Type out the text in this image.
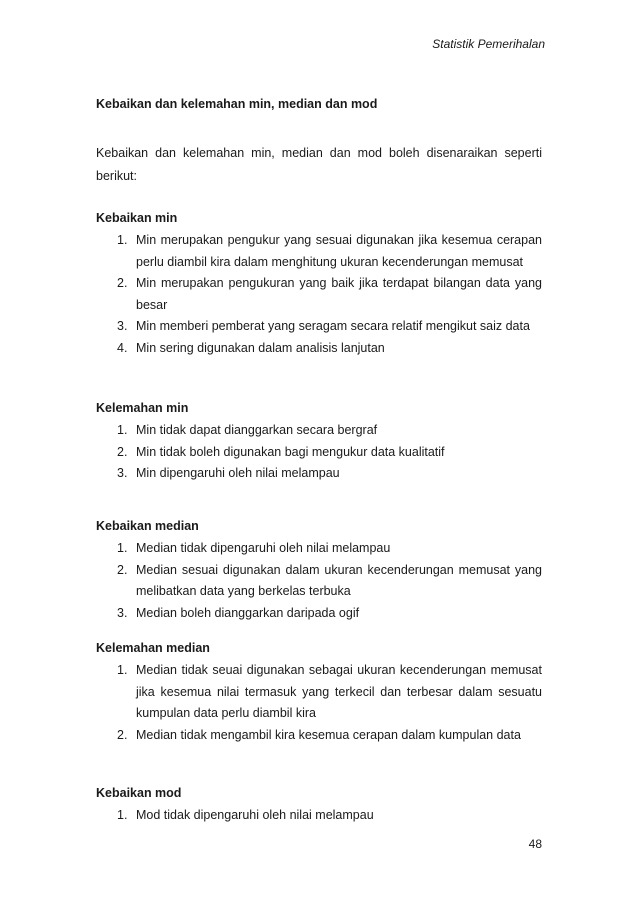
Statistik Pemerihalan
Kebaikan dan kelemahan min, median dan mod
Kebaikan dan kelemahan min, median dan mod boleh disenaraikan seperti berikut:
Kebaikan min
1. Min merupakan pengukur yang sesuai digunakan jika kesemua cerapan perlu diambil kira dalam menghitung ukuran kecenderungan memusat
2. Min merupakan pengukuran yang baik jika terdapat bilangan data yang besar
3. Min memberi pemberat yang seragam secara relatif mengikut saiz data
4. Min sering digunakan dalam analisis lanjutan
Kelemahan min
1. Min tidak dapat dianggarkan secara bergraf
2. Min tidak boleh digunakan bagi mengukur data kualitatif
3. Min dipengaruhi oleh nilai melampau
Kebaikan median
1. Median tidak dipengaruhi oleh nilai melampau
2. Median sesuai digunakan dalam ukuran kecenderungan memusat yang melibatkan data yang berkelas terbuka
3. Median boleh dianggarkan daripada ogif
Kelemahan median
1. Median tidak seuai digunakan sebagai ukuran kecenderungan memusat jika kesemua nilai termasuk yang terkecil dan terbesar dalam sesuatu kumpulan data perlu diambil kira
2. Median tidak mengambil kira kesemua cerapan dalam kumpulan data
Kebaikan mod
1. Mod tidak dipengaruhi oleh nilai melampau
48
